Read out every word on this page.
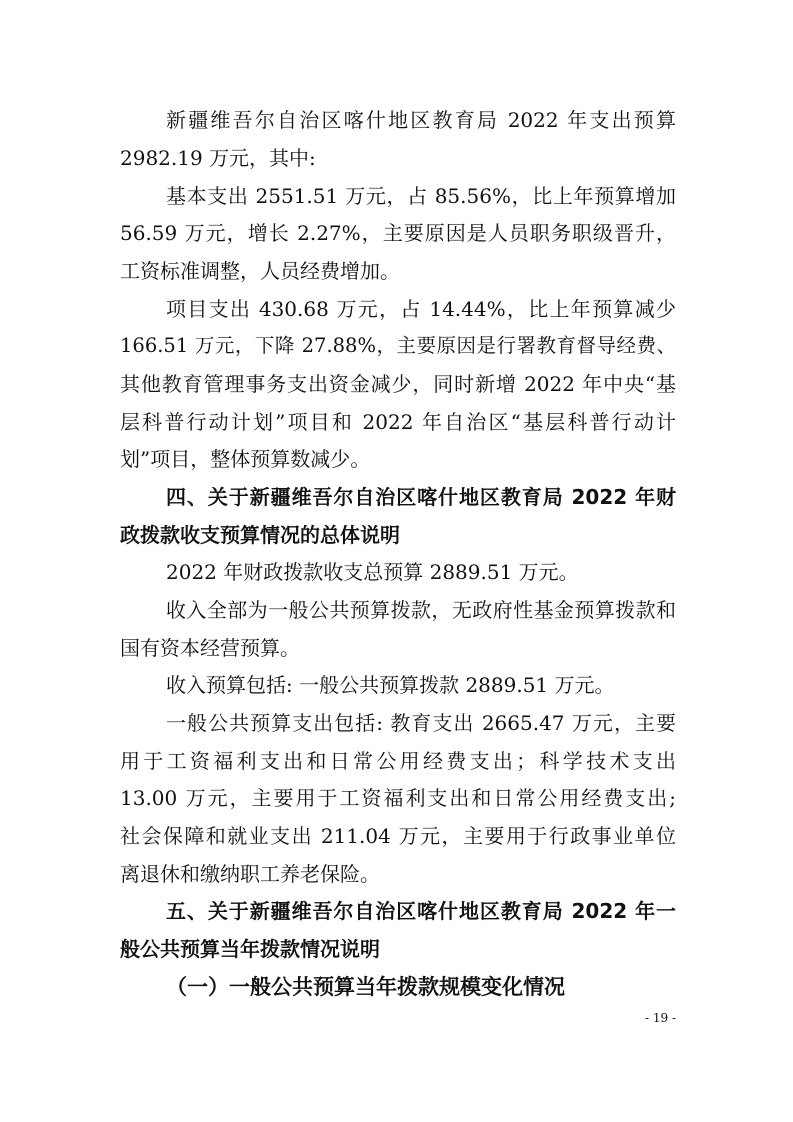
新疆维吾尔自治区喀什地区教育局 2022 年支出预算
2982.19 万元，其中:
基本支出 2551.51 万元，占 85.56%，比上年预算增加
56.59 万元，增长 2.27%，主要原因是人员职务职级晋升，
工资标准调整，人员经费增加。
项目支出 430.68 万元，占 14.44%，比上年预算减少
166.51 万元，下降 27.88%，主要原因是行署教育督导经费、
其他教育管理事务支出资金减少，同时新增 2022 年中央“基
层科普行动计划”项目和 2022 年自治区“基层科普行动计
划”项目，整体预算数减少。
四、关于新疆维吾尔自治区喀什地区教育局 2022 年财
政拨款收支预算情况的总体说明
2022 年财政拨款收支总预算 2889.51 万元。
收入全部为一般公共预算拨款，无政府性基金预算拨款和
国有资本经营预算。
收入预算包括: 一般公共预算拨款 2889.51 万元。
一般公共预算支出包括: 教育支出 2665.47 万元，主要
用于工资福利支出和日常公用经费支出；科学技术支出
13.00 万元，主要用于工资福利支出和日常公用经费支出;
社会保障和就业支出 211.04 万元，主要用于行政事业单位
离退休和缴纳职工养老保险。
五、关于新疆维吾尔自治区喀什地区教育局 2022 年一
般公共预算当年拨款情况说明
（一）一般公共预算当年拨款规模变化情况
- 19 -
